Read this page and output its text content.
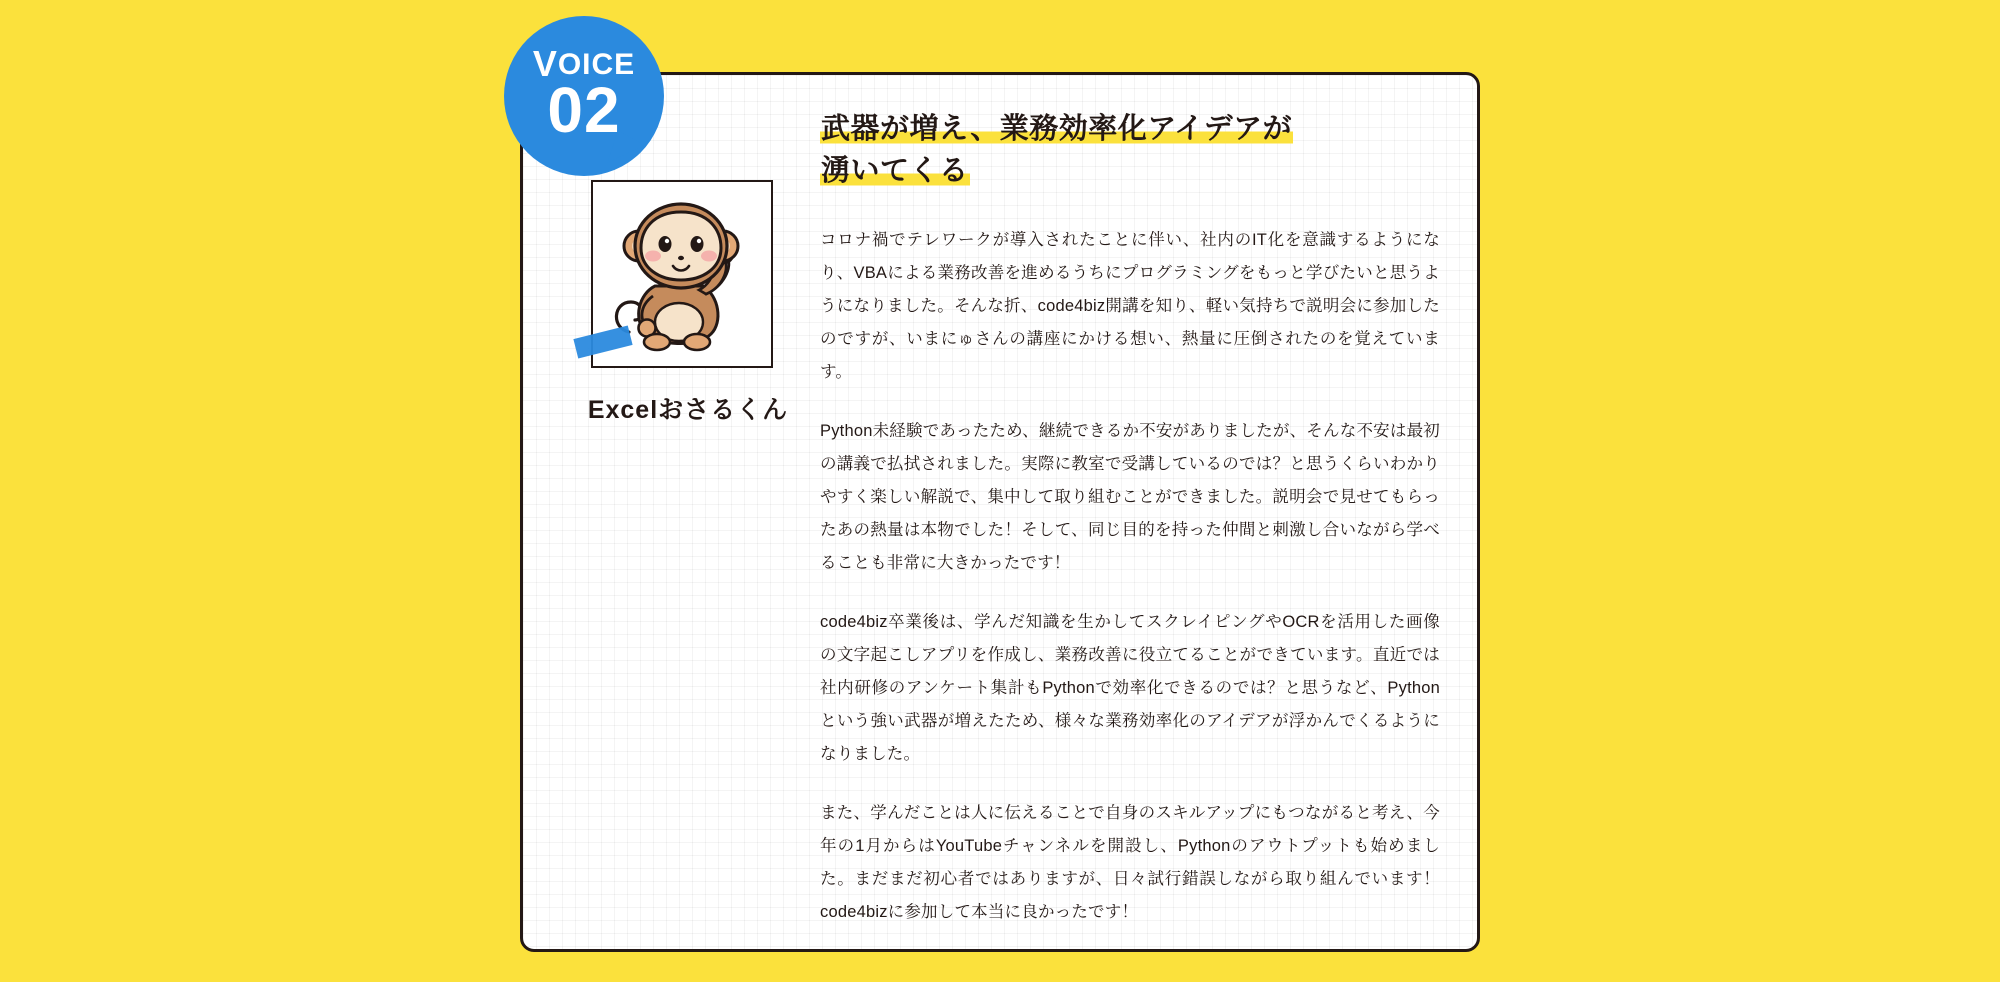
VOICE
02
Excelおさるくん
武器が増え、業務効率化アイデアが
湧いてくる

コロナ禍でテレワークが導入されたことに伴い、社内のIT化を意識するようになり、VBAによる業務改善を進めるうちにプログラミングをもっと学びたいと思うようになりました。そんな折、code4biz開講を知り、軽い気持ちで説明会に参加したのですが、いまにゅさんの講座にかける想い、熱量に圧倒されたのを覚えています。

Python未経験であったため、継続できるか不安がありましたが、そんな不安は最初の講義で払拭されました。実際に教室で受講しているのでは？と思うくらいわかりやすく楽しい解説で、集中して取り組むことができました。説明会で見せてもらったあの熱量は本物でした！そして、同じ目的を持った仲間と刺激し合いながら学べることも非常に大きかったです！

code4biz卒業後は、学んだ知識を生かしてスクレイピングやOCRを活用した画像の文字起こしアプリを作成し、業務改善に役立てることができています。直近では社内研修のアンケート集計もPythonで効率化できるのでは？と思うなど、Pythonという強い武器が増えたため、様々な業務効率化のアイデアが浮かんでくるようになりました。

また、学んだことは人に伝えることで自身のスキルアップにもつながると考え、今年の1月からはYouTubeチャンネルを開設し、Pythonのアウトプットも始めました。まだまだ初心者ではありますが、日々試行錯誤しながら取り組んでいます！code4bizに参加して本当に良かったです！
